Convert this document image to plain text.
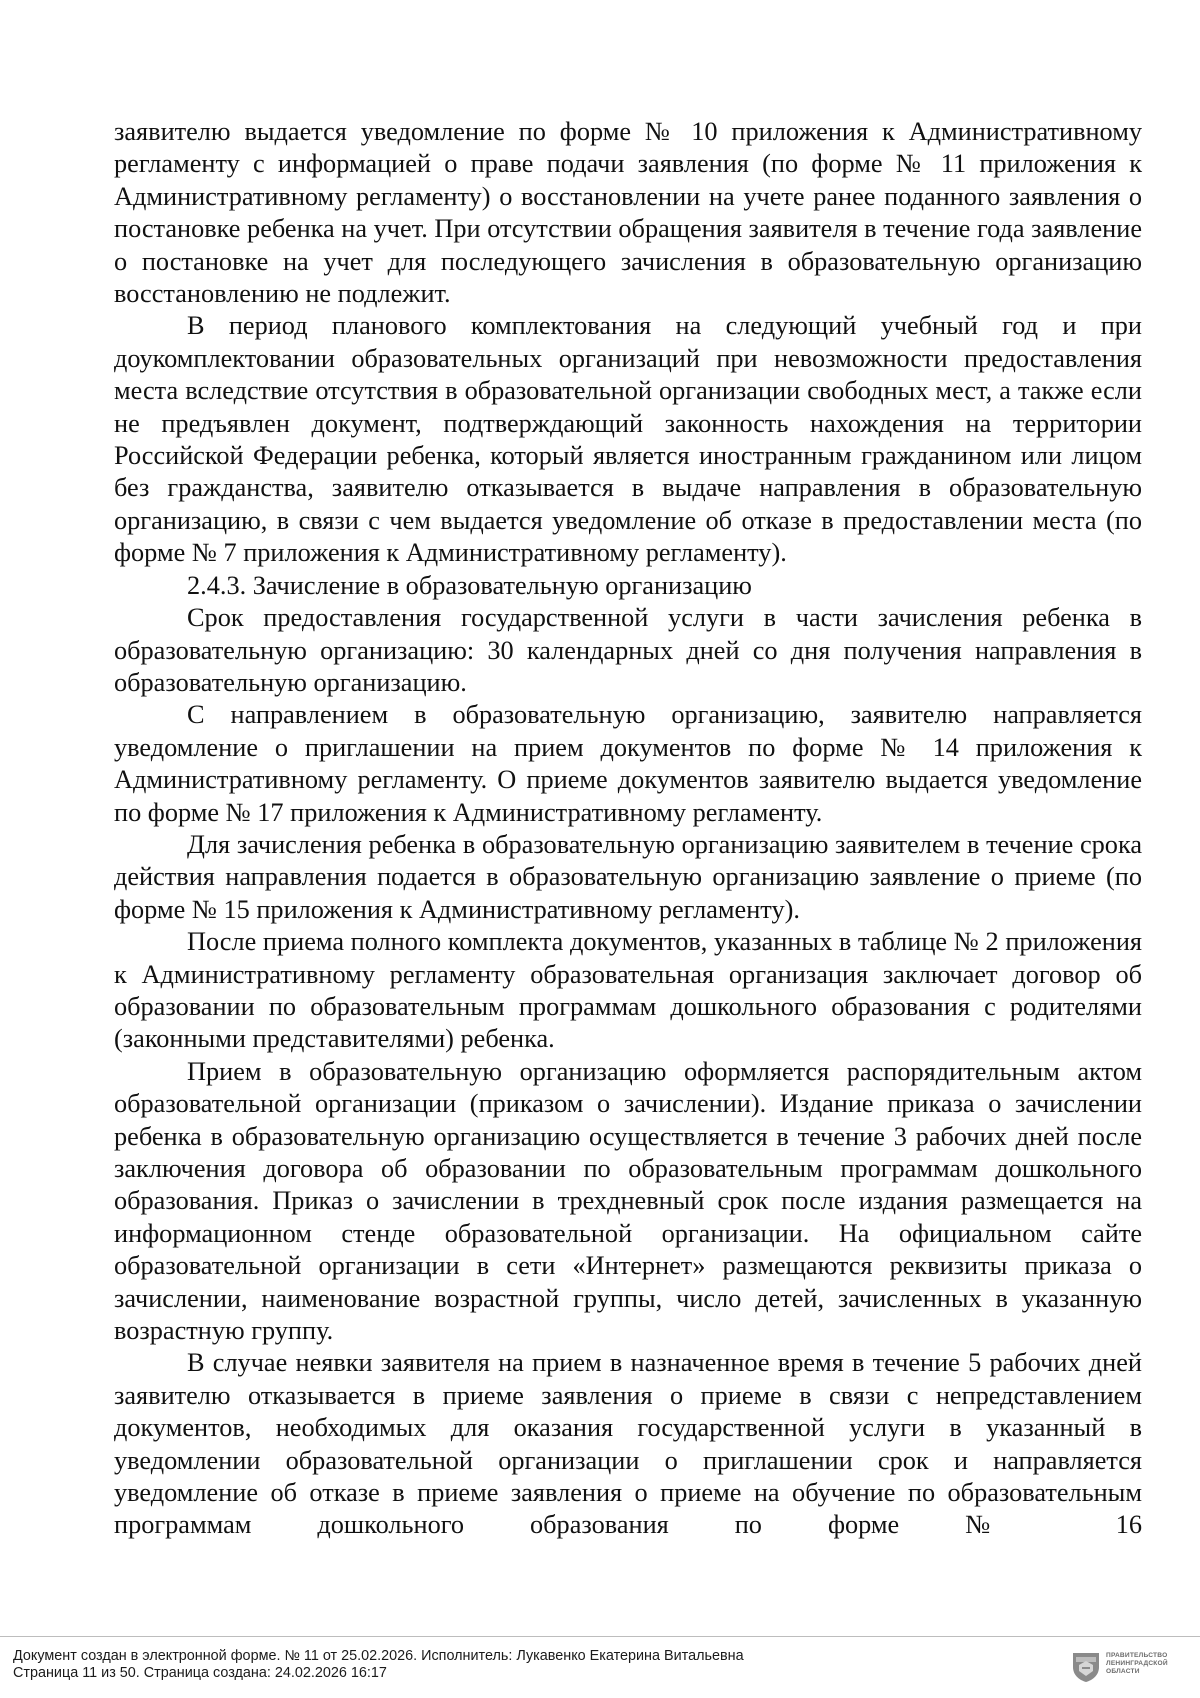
заявителю выдается уведомление по форме № 10 приложения к Административному регламенту с информацией о праве подачи заявления (по форме № 11 приложения к Административному регламенту) о восстановлении на учете ранее поданного заявления о постановке ребенка на учет. При отсутствии обращения заявителя в течение года заявление о постановке на учет для последующего зачисления в образовательную организацию восстановлению не подлежит.

В период планового комплектования на следующий учебный год и при доукомплектовании образовательных организаций при невозможности предоставления места вследствие отсутствия в образовательной организации свободных мест, а также если не предъявлен документ, подтверждающий законность нахождения на территории Российской Федерации ребенка, который является иностранным гражданином или лицом без гражданства, заявителю отказывается в выдаче направления в образовательную организацию, в связи с чем выдается уведомление об отказе в предоставлении места (по форме № 7 приложения к Административному регламенту).

2.4.3. Зачисление в образовательную организацию

Срок предоставления государственной услуги в части зачисления ребенка в образовательную организацию: 30 календарных дней со дня получения направления в образовательную организацию.

С направлением в образовательную организацию, заявителю направляется уведомление о приглашении на прием документов по форме № 14 приложения к Административному регламенту. О приеме документов заявителю выдается уведомление по форме № 17 приложения к Административному регламенту.

Для зачисления ребенка в образовательную организацию заявителем в течение срока действия направления подается в образовательную организацию заявление о приеме (по форме № 15 приложения к Административному регламенту).

После приема полного комплекта документов, указанных в таблице № 2 приложения к Административному регламенту образовательная организация заключает договор об образовании по образовательным программам дошкольного образования с родителями (законными представителями) ребенка.

Прием в образовательную организацию оформляется распорядительным актом образовательной организации (приказом о зачислении). Издание приказа о зачислении ребенка в образовательную организацию осуществляется в течение 3 рабочих дней после заключения договора об образовании по образовательным программам дошкольного образования. Приказ о зачислении в трехдневный срок после издания размещается на информационном стенде образовательной организации. На официальном сайте образовательной организации в сети «Интернет» размещаются реквизиты приказа о зачислении, наименование возрастной группы, число детей, зачисленных в указанную возрастную группу.

В случае неявки заявителя на прием в назначенное время в течение 5 рабочих дней заявителю отказывается в приеме заявления о приеме в связи с непредставлением документов, необходимых для оказания государственной услуги в указанный в уведомлении образовательной организации о приглашении срок и направляется уведомление об отказе в приеме заявления о приеме на обучение по образовательным программам дошкольного образования по форме № 16

Документ создан в электронной форме. № 11 от 25.02.2026. Исполнитель: Лукавенко Екатерина Витальевна
Страница 11 из 50. Страница создана: 24.02.2026 16:17
ПРАВИТЕЛЬСТВО
ЛЕНИНГРАДСКОЙ
ОБЛАСТИ
